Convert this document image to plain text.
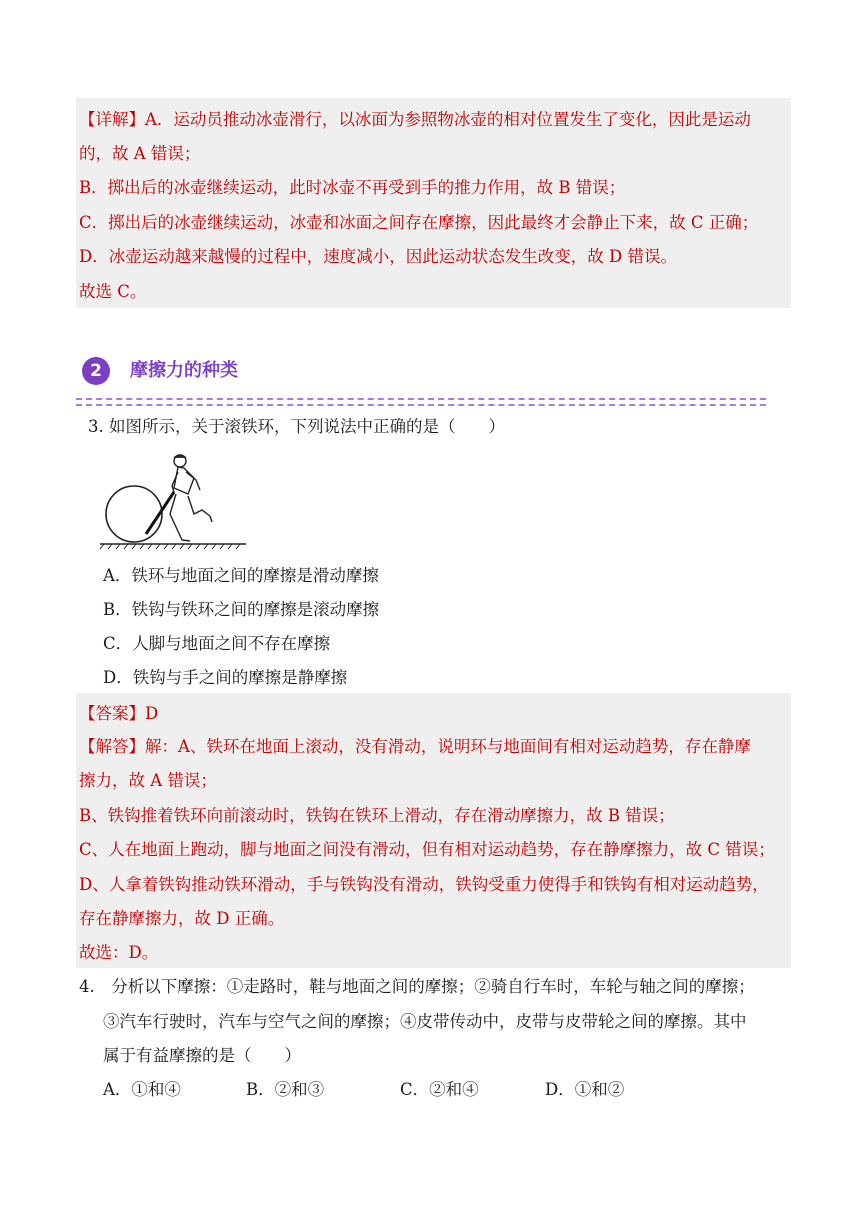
【详解】A．运动员推动冰壶滑行，以冰面为参照物冰壶的相对位置发生了变化，因此是运动
的，故 A 错误；
B．掷出后的冰壶继续运动，此时冰壶不再受到手的推力作用，故 B 错误；
C．掷出后的冰壶继续运动，冰壶和冰面之间存在摩擦，因此最终才会静止下来，故 C 正确；
D．冰壶运动越来越慢的过程中，速度减小，因此运动状态发生改变，故 D 错误。
故选 C。
2	摩擦力的种类
3. 如图所示，关于滚铁环，下列说法中正确的是（　　）
A．铁环与地面之间的摩擦是滑动摩擦
B．铁钩与铁环之间的摩擦是滚动摩擦
C．人脚与地面之间不存在摩擦
D．铁钩与手之间的摩擦是静摩擦
【答案】D
【解答】解：A、铁环在地面上滚动，没有滑动，说明环与地面间有相对运动趋势，存在静摩
擦力，故 A 错误；
B、铁钩推着铁环向前滚动时，铁钩在铁环上滑动，存在滑动摩擦力，故 B 错误；
C、人在地面上跑动，脚与地面之间没有滑动，但有相对运动趋势，存在静摩擦力，故 C 错误；
D、人拿着铁钩推动铁环滑动，手与铁钩没有滑动，铁钩受重力使得手和铁钩有相对运动趋势，
存在静摩擦力，故 D 正确。
故选：D。
4.　分析以下摩擦：①走路时，鞋与地面之间的摩擦；②骑自行车时，车轮与轴之间的摩擦；
③汽车行驶时，汽车与空气之间的摩擦；④皮带传动中，皮带与皮带轮之间的摩擦。其中
属于有益摩擦的是（　　）
A．①和④	B．②和③	C．②和④	D．①和②
